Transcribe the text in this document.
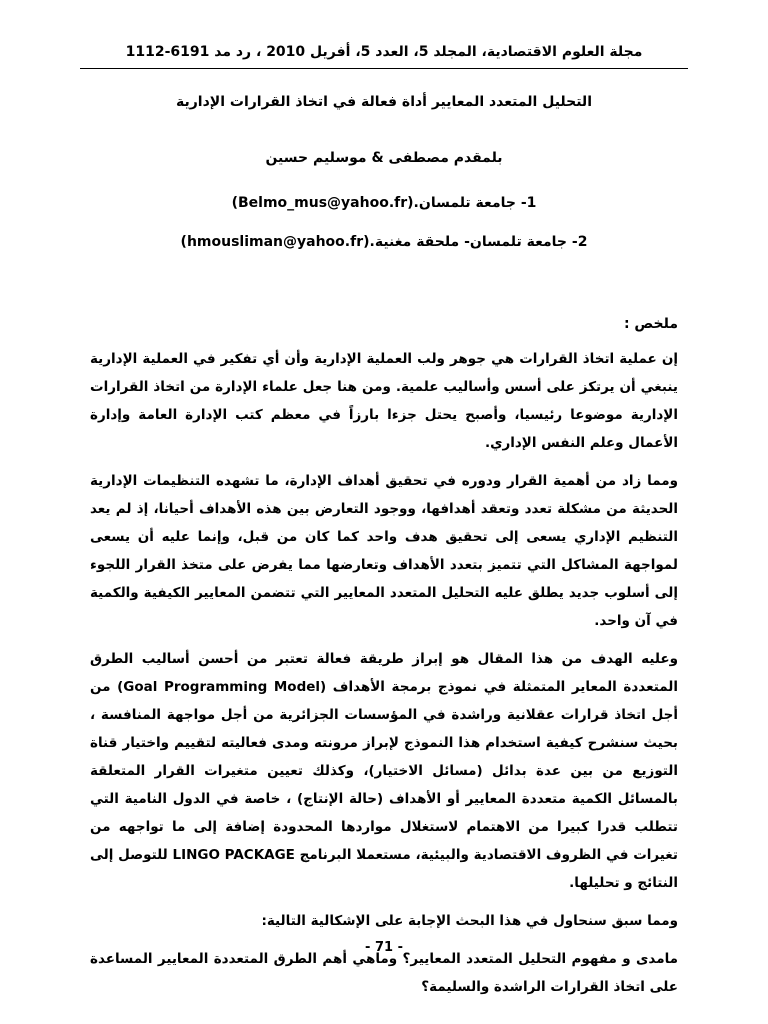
مجلة العلوم الاقتصادية، المجلد 5، العدد 5، أفريل 2010 ، رد مد 6191-1112
التحليل المتعدد المعايير أداة فعالة في اتخاذ القرارات الإدارية
بلمقدم مصطفى & موسليم حسين
1- جامعة تلمسان.(Belmo_mus@yahoo.fr)
2- جامعة تلمسان- ملحقة مغنية.(hmousliman@yahoo.fr)
ملخص :

إن عملية اتخاذ القرارات هي جوهر ولب العملية الإدارية وأن أي تفكير في العملية الإدارية ينبغي أن يرتكز على أسس وأساليب علمية. ومن هنا جعل علماء الإدارة من اتخاذ القرارات الإدارية موضوعا رئيسيا، وأصبح يحتل جزءا بارزاً في معظم كتب الإدارة العامة وإدارة الأعمال وعلم النفس الإداري.

ومما زاد من أهمية القرار ودوره في تحقيق أهداف الإدارة، ما تشهده التنظيمات الإدارية الحديثة من مشكلة تعدد وتعقد أهدافها، ووجود التعارض بين هذه الأهداف أحيانا، إذ لم يعد التنظيم الإداري يسعى إلى تحقيق هدف واحد كما كان من قبل، وإنما عليه أن يسعى لمواجهة المشاكل التي تتميز بتعدد الأهداف وتعارضها مما يفرض على متخذ القرار اللجوء إلى أسلوب جديد يطلق عليه التحليل المتعدد المعايير التي تتضمن المعايير الكيفية والكمية في آن واحد.

وعليه الهدف من هذا المقال هو إبراز طريقة فعالة تعتبر من أحسن أساليب الطرق المتعددة المعاير المتمثلة في نموذج برمجة الأهداف (Goal Programming Model) من أجل اتخاذ قرارات عقلانية وراشدة في المؤسسات الجزائرية من أجل مواجهة المنافسة ، بحيث سنشرح كيفية استخدام هذا النموذج لإبراز مرونته ومدى فعاليته لتقييم واختيار قناة التوزيع من بين عدة بدائل (مسائل الاختيار)، وكذلك تعيين متغيرات القرار المتعلقة بالمسائل الكمية متعددة المعايير أو الأهداف (حالة الإنتاج) ، خاصة في الدول النامية التي تتطلب قدرا كبيرا من الاهتمام لاستغلال مواردها المحدودة إضافة إلى ما تواجهه من تغيرات في الظروف الاقتصادية والبيئية، مستعملا البرنامج LINGO PACKAGE للتوصل إلى النتائج و تحليلها.

ومما سبق سنحاول في هذا البحث الإجابة على الإشكالية التالية:

مامدى و مفهوم التحليل المتعدد المعايير؟ وماهي أهم الطرق المتعددة المعايير المساعدة على اتخاذ القرارات الراشدة والسليمة؟

- 71 -
